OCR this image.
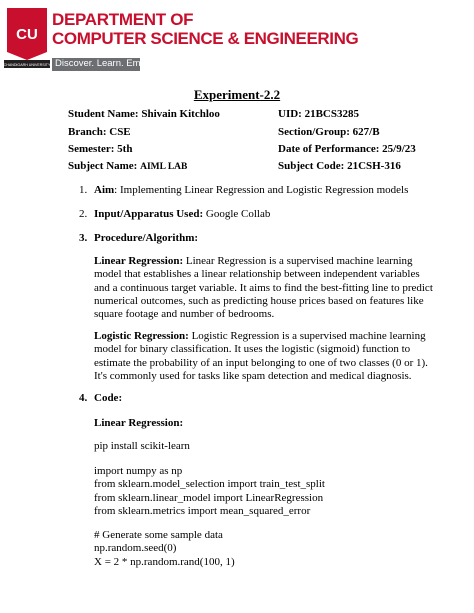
CU
CHANDIGARH UNIVERSITY
DEPARTMENT OF
COMPUTER SCIENCE & ENGINEERING
Discover. Learn. Empower.
Experiment-2.2
Student Name: Shivain Kitchloo	UID: 21BCS3285
Branch: CSE	Section/Group: 627/B
Semester: 5th	Date of Performance: 25/9/23
Subject Name: AIML LAB	Subject Code: 21CSH-316
1. Aim: Implementing Linear Regression and Logistic Regression models
2. Input/Apparatus Used: Google Collab
3. Procedure/Algorithm:
Linear Regression: Linear Regression is a supervised machine learning model that establishes a linear relationship between independent variables and a continuous target variable. It aims to find the best-fitting line to predict numerical outcomes, such as predicting house prices based on features like square footage and number of bedrooms.
Logistic Regression: Logistic Regression is a supervised machine learning model for binary classification. It uses the logistic (sigmoid) function to estimate the probability of an input belonging to one of two classes (0 or 1). It's commonly used for tasks like spam detection and medical diagnosis.
4. Code:
Linear Regression:
pip install scikit-learn
import numpy as np
from sklearn.model_selection import train_test_split
from sklearn.linear_model import LinearRegression
from sklearn.metrics import mean_squared_error
# Generate some sample data
np.random.seed(0)
X = 2 * np.random.rand(100, 1)
